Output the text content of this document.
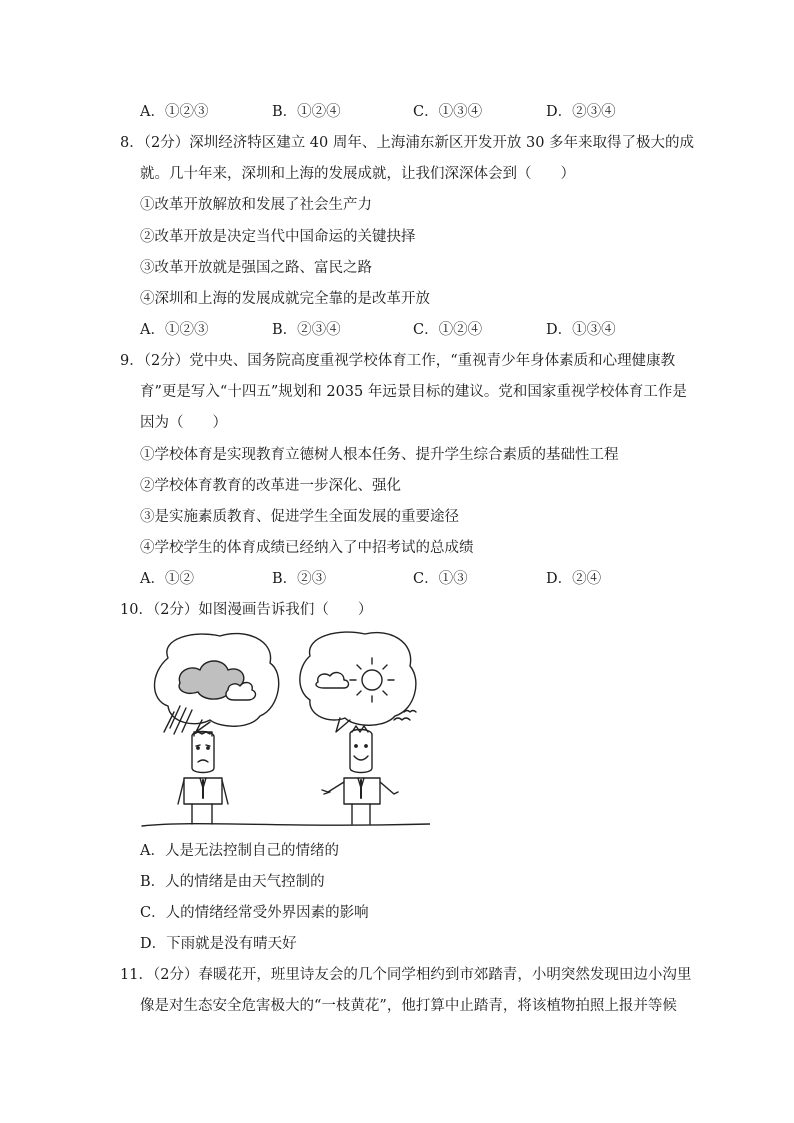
A．①②③	B．①②④	C．①③④	D．②③④
8．（2分）深圳经济特区建立 40 周年、上海浦东新区开发开放 30 多年来取得了极大的成
就。几十年来，深圳和上海的发展成就，让我们深深体会到（　　）
①改革开放解放和发展了社会生产力
②改革开放是决定当代中国命运的关键抉择
③改革开放就是强国之路、富民之路
④深圳和上海的发展成就完全靠的是改革开放
A．①②③	B．②③④	C．①②④	D．①③④
9．（2分）党中央、国务院高度重视学校体育工作，“重视青少年身体素质和心理健康教
育”更是写入“十四五”规划和 2035 年远景目标的建议。党和国家重视学校体育工作是
因为（　　）
①学校体育是实现教育立德树人根本任务、提升学生综合素质的基础性工程
②学校体育教育的改革进一步深化、强化
③是实施素质教育、促进学生全面发展的重要途径
④学校学生的体育成绩已经纳入了中招考试的总成绩
A．①②	B．②③	C．①③	D．②④
10．（2分）如图漫画告诉我们（　　）
A．人是无法控制自己的情绪的
B．人的情绪是由天气控制的
C．人的情绪经常受外界因素的影响
D．下雨就是没有晴天好
11．（2分）春暖花开，班里诗友会的几个同学相约到市郊踏青，小明突然发现田边小沟里
像是对生态安全危害极大的“一枝黄花”，他打算中止踏青，将该植物拍照上报并等候
